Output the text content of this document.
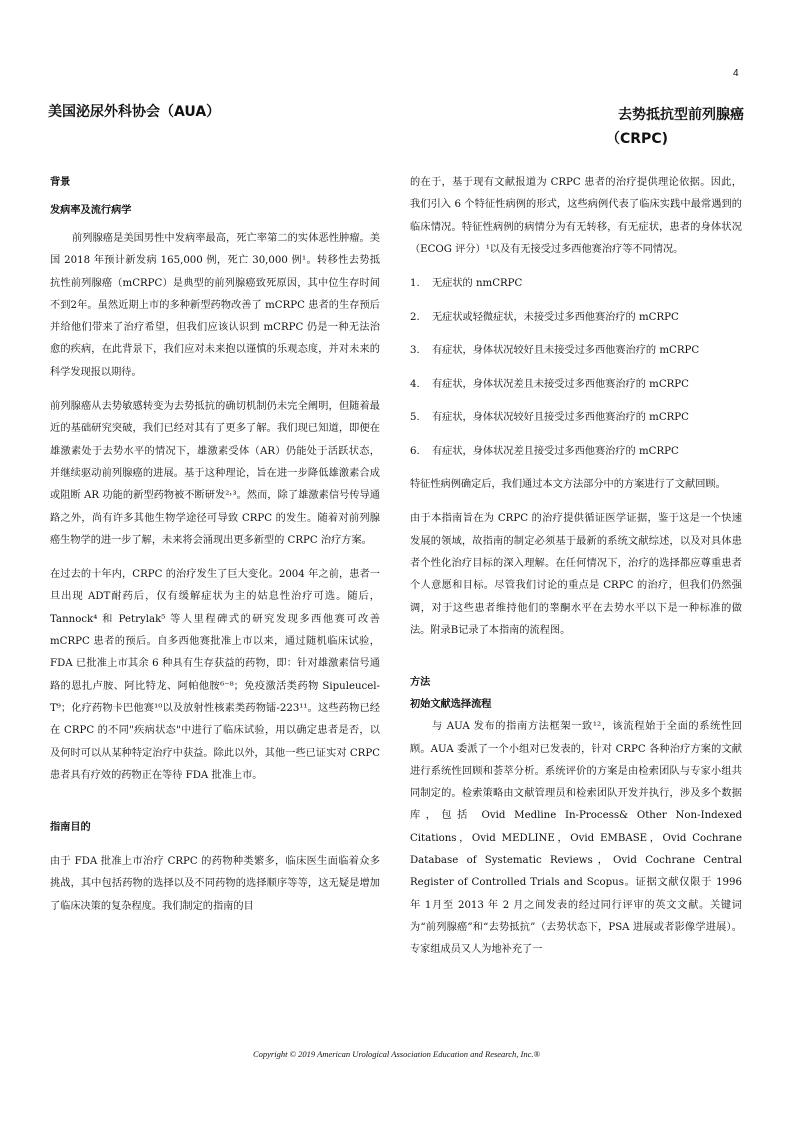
4
美国泌尿外科协会（AUA）	去势抵抗型前列腺癌
（CRPC)
背景
发病率及流行病学

前列腺癌是美国男性中发病率最高，死亡率第二的实体恶性肿瘤。美国 2018 年预计新发病 165,000 例，死亡 30,000 例¹。转移性去势抵抗性前列腺癌（mCRPC）是典型的前列腺癌致死原因，其中位生存时间不到2年。虽然近期上市的多种新型药物改善了 mCRPC 患者的生存预后并给他们带来了治疗希望，但我们应该认识到 mCRPC 仍是一种无法治愈的疾病，在此背景下，我们应对未来抱以谨慎的乐观态度，并对未来的科学发现报以期待。

前列腺癌从去势敏感转变为去势抵抗的确切机制仍未完全阐明，但随着最近的基础研究突破，我们已经对其有了更多了解。我们现已知道，即便在雄激素处于去势水平的情况下，雄激素受体（AR）仍能处于活跃状态，并继续驱动前列腺癌的进展。基于这种理论，旨在进一步降低雄激素合成或阻断 AR 功能的新型药物被不断研发²˒³。然而，除了雄激素信号传导通路之外，尚有许多其他生物学途径可导致 CRPC 的发生。随着对前列腺癌生物学的进一步了解，未来将会涌现出更多新型的 CRPC 治疗方案。

在过去的十年内，CRPC 的治疗发生了巨大变化。2004 年之前，患者一旦出现 ADT耐药后，仅有缓解症状为主的姑息性治疗可选。随后，Tannock⁴ 和 Petrylak⁵ 等人里程碑式的研究发现多西他赛可改善 mCRPC 患者的预后。自多西他赛批准上市以来，通过随机临床试验，FDA 已批准上市其余 6 种具有生存获益的药物，即：针对雄激素信号通路的恩扎卢胺、阿比特龙、阿帕他胺⁶⁻⁸；免疫激活类药物 Sipuleucel-T⁹；化疗药物卡巴他赛¹⁰以及放射性核素类药物镭-223¹¹。这些药物已经在 CRPC 的不同"疾病状态"中进行了临床试验，用以确定患者是否，以及何时可以从某种特定治疗中获益。除此以外，其他一些已证实对 CRPC 患者具有疗效的药物正在等待 FDA 批准上市。

指南目的

由于 FDA 批准上市治疗 CRPC 的药物种类繁多，临床医生面临着众多挑战，其中包括药物的选择以及不同药物的选择顺序等等，这无疑是增加了临床决策的复杂程度。我们制定的指南的目

的在于，基于现有文献报道为 CRPC 患者的治疗提供理论依据。因此，我们引入 6 个特征性病例的形式，这些病例代表了临床实践中最常遇到的临床情况。特征性病例的病情分为有无转移，有无症状，患者的身体状况（ECOG 评分）¹以及有无接受过多西他赛治疗等不同情况。

1. 无症状的 nmCRPC
2. 无症状或轻微症状，未接受过多西他赛治疗的 mCRPC
3. 有症状，身体状况较好且未接受过多西他赛治疗的 mCRPC
4. 有症状，身体状况差且未接受过多西他赛治疗的 mCRPC
5. 有症状，身体状况较好且接受过多西他赛治疗的 mCRPC
6. 有症状，身体状况差且接受过多西他赛治疗的 mCRPC

特征性病例确定后，我们通过本文方法部分中的方案进行了文献回顾。

由于本指南旨在为 CRPC 的治疗提供循证医学证据，鉴于这是一个快速发展的领域，故指南的制定必须基于最新的系统文献综述，以及对具体患者个性化治疗目标的深入理解。在任何情况下，治疗的选择都应尊重患者个人意愿和目标。尽管我们讨论的重点是 CRPC 的治疗，但我们仍然强调，对于这些患者维持他们的睾酮水平在去势水平以下是一种标准的做法。附录B记录了本指南的流程图。

方法
初始文献选择流程

与 AUA 发布的指南方法框架一致¹²，该流程始于全面的系统性回顾。AUA 委派了一个小组对已发表的，针对 CRPC 各种治疗方案的文献进行系统性回顾和荟萃分析。系统评价的方案是由检索团队与专家小组共同制定的。检索策略由文献管理员和检索团队开发并执行，涉及多个数据库，包括 Ovid Medline In-Process& Other Non-Indexed Citations，Ovid MEDLINE，Ovid EMBASE，Ovid Cochrane Database of Systematic Reviews，Ovid Cochrane Central Register of Controlled Trials and Scopus。证据文献仅限于 1996 年 1月至 2013 年 2 月之间发表的经过同行评审的英文文献。关键词为“前列腺癌”和“去势抵抗”（去势状态下，PSA 进展或者影像学进展）。专家组成员又人为地补充了一

Copyright © 2019 American Urological Association Education and Research, Inc.®
